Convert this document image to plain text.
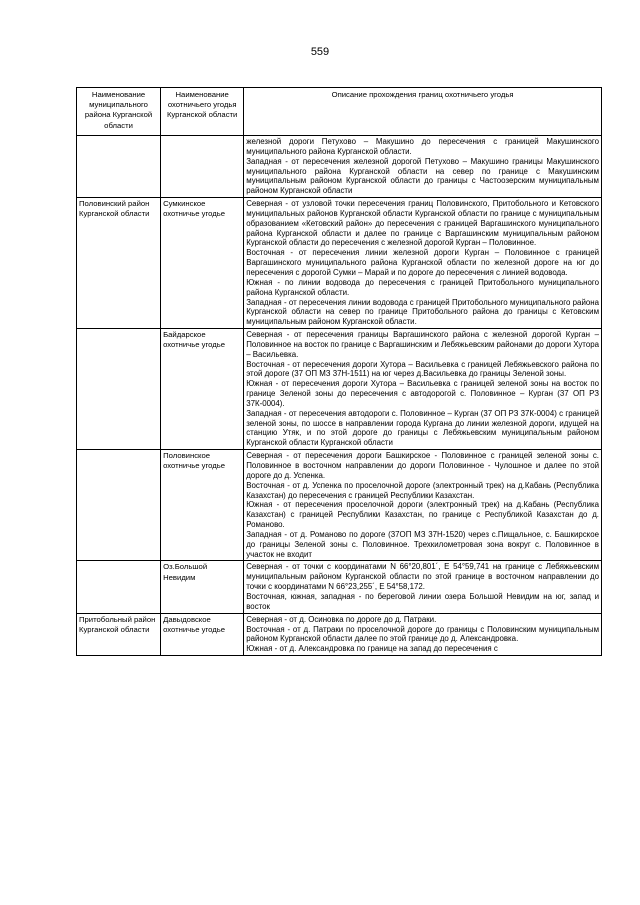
559
Наименование муниципального района Курганской области	Наименование охотничьего угодья Курганской области	Описание прохождения границ охотничьего угодья

		железной дороги Петухово – Макушино до пересечения с границей Макушинского муниципального района Курганской области.

Западная - от пересечения железной дорогой Петухово – Макушино границы Макушинского муниципального района Курганской области на север по границе с Макушинским муниципальным районом Курганской области до границы с Частоозерским муниципальным районом Курганской области

Половинский район Курганской области	Сумкинское охотничье угодье	Северная - от узловой точки пересечения границ Половинского, Притобольного и Кетовского муниципальных районов Курганской области Курганской области по границе с муниципальным образованием «Кетовский район» до пересечения с границей Варгашинского муниципального района Курганской области и далее по границе с Варгашинским муниципальным районом Курганской области до пересечения с железной дорогой Курган – Половинное.

Восточная - от пересечения линии железной дороги Курган – Половинное с границей Варгашинского муниципального района Курганской области по железной дороге на юг до пересечения с дорогой Сумки – Марай и по дороге до пересечения с линией водовода.

Южная - по линии водовода до пересечения с границей Притобольного муниципального района Курганской области.

Западная - от пересечения линии водовода с границей Притобольного муниципального района Курганской области на север по границе Притобольного района до границы с Кетовским муниципальным районом Курганской области.

	Байдарское охотничье угодье	Северная - от пересечения границы Варгашинского района с железной дорогой Курган – Половинное на восток по границе с Варгашинским и Лебяжьевским районами до дороги Хутора – Васильевка.

Восточная - от пересечения дороги Хутора – Васильевка с границей Лебяжьевского района по этой дороге (37 ОП МЗ 37Н-1511) на юг через д.Васильевка до границы Зеленой зоны.

Южная - от пересечения дороги Хутора – Васильевка с границей зеленой зоны на восток по границе Зеленой зоны до пересечения с автодорогой с. Половинное – Курган (37 ОП РЗ 37К-0004).

Западная - от пересечения автодороги с. Половинное – Курган (37 ОП РЗ 37К-0004) с границей зеленой зоны, по шоссе в направлении города Кургана до линии железной дороги, идущей на станцию Утяк, и по этой дороге до границы с Лебяжьевским муниципальным районом Курганской области Курганской области

	Половинское охотничье угодье	Северная - от пересечения дороги Башкирское - Половинное с границей зеленой зоны с. Половинное в восточном направлении до дороги Половинное - Чулошное и далее по этой дороге до д. Успенка.

Восточная - от д. Успенка по проселочной дороге (электронный трек) на д.Кабань (Республика Казахстан) до пересечения с границей Республики Казахстан.

Южная - от пересечения проселочной дороги (электронный трек) на д.Кабань (Республика Казахстан) с границей Республики Казахстан, по границе с Республикой Казахстан до д. Романово.

Западная - от д. Романово по дороге (37ОП МЗ 37Н-1520) через с.Пищальное, с. Башкирское до границы Зеленой зоны с. Половинное. Трехкилометровая зона вокруг с. Половинное в участок не входит

	Оз.Большой Невидим	Северная - от точки с координатами N 66°20,801´, E 54°59,741 на границе с Лебяжьевским муниципальным районом Курганской области по этой границе в восточном направлении до точки с координатами N 66°23,255´, E 54°58,172.

Восточная, южная, западная - по береговой линии озера Большой Невидим на юг, запад и восток

Притобольный район Курганской области	Давыдовское охотничье угодье	Северная - от д. Осиновка по дороге до д. Патраки.

Восточная - от д. Патраки по проселочной дороге до границы с Половинским муниципальным районом Курганской области далее по этой границе до д. Александровка.

Южная - от д. Александровка по границе на запад до пересечения с
